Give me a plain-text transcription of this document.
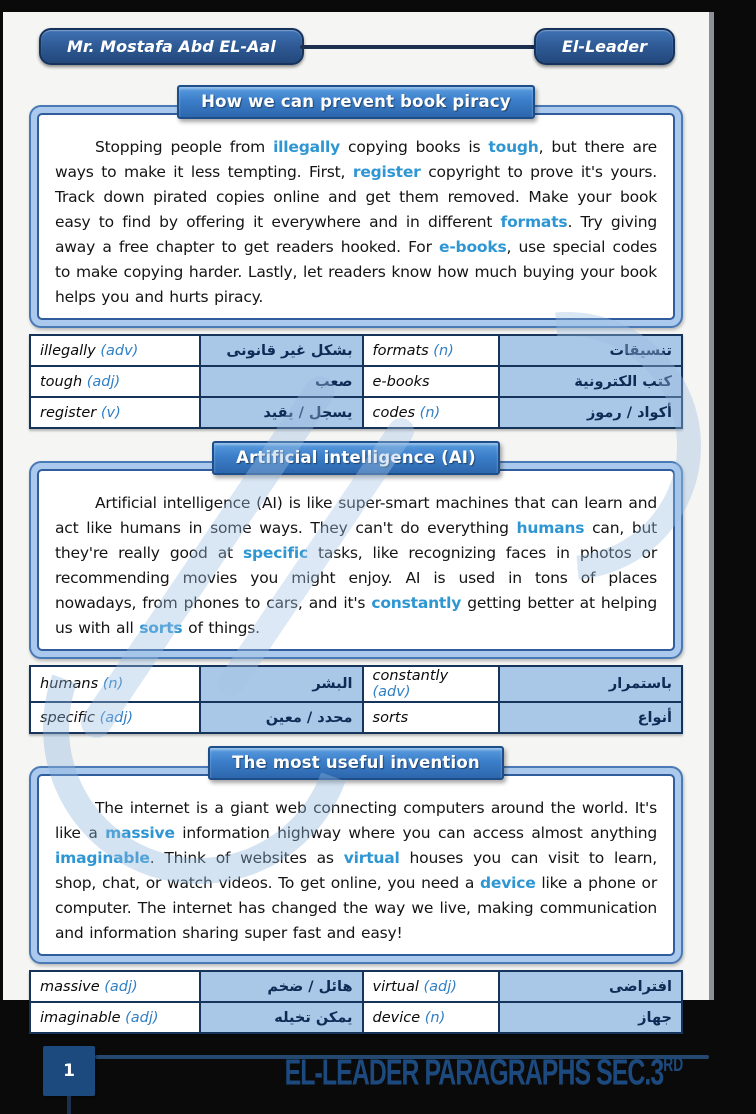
Mr. Mostafa Abd EL-Aal	El-Leader
How we can prevent book piracy

Stopping people from illegally copying books is tough, but there are ways to make it less tempting. First, register copyright to prove it's yours. Track down pirated copies online and get them removed. Make your book easy to find by offering it everywhere and in different formats. Try giving away a free chapter to get readers hooked. For e-books, use special codes to make copying harder. Lastly, let readers know how much buying your book helps you and hurts piracy.

illegally (adv)	بشكل غير قانونى	formats (n)	تنسيقات
tough (adj)	صعب	e-books	كتب الكترونية
register (v)	يسجل / يقيد	codes (n)	أكواد / رموز
Artificial intelligence (AI)

Artificial intelligence (AI) is like super-smart machines that can learn and act like humans in some ways. They can't do everything humans can, but they're really good at specific tasks, like recognizing faces in photos or recommending movies you might enjoy. AI is used in tons of places nowadays, from phones to cars, and it's constantly getting better at helping us with all sorts of things.

humans (n)	البشر	constantly (adv)	باستمرار
specific (adj)	محدد / معين	sorts	أنواع
The most useful invention

The internet is a giant web connecting computers around the world. It's like a massive information highway where you can access almost anything imaginable. Think of websites as virtual houses you can visit to learn, shop, chat, or watch videos. To get online, you need a device like a phone or computer. The internet has changed the way we live, making communication and information sharing super fast and easy!

massive (adj)	هائل / ضخم	virtual (adj)	افتراضى
imaginable (adj)	يمكن تخيله	device (n)	جهاز
1	EL-LEADER PARAGRAPHS SEC.3RD
